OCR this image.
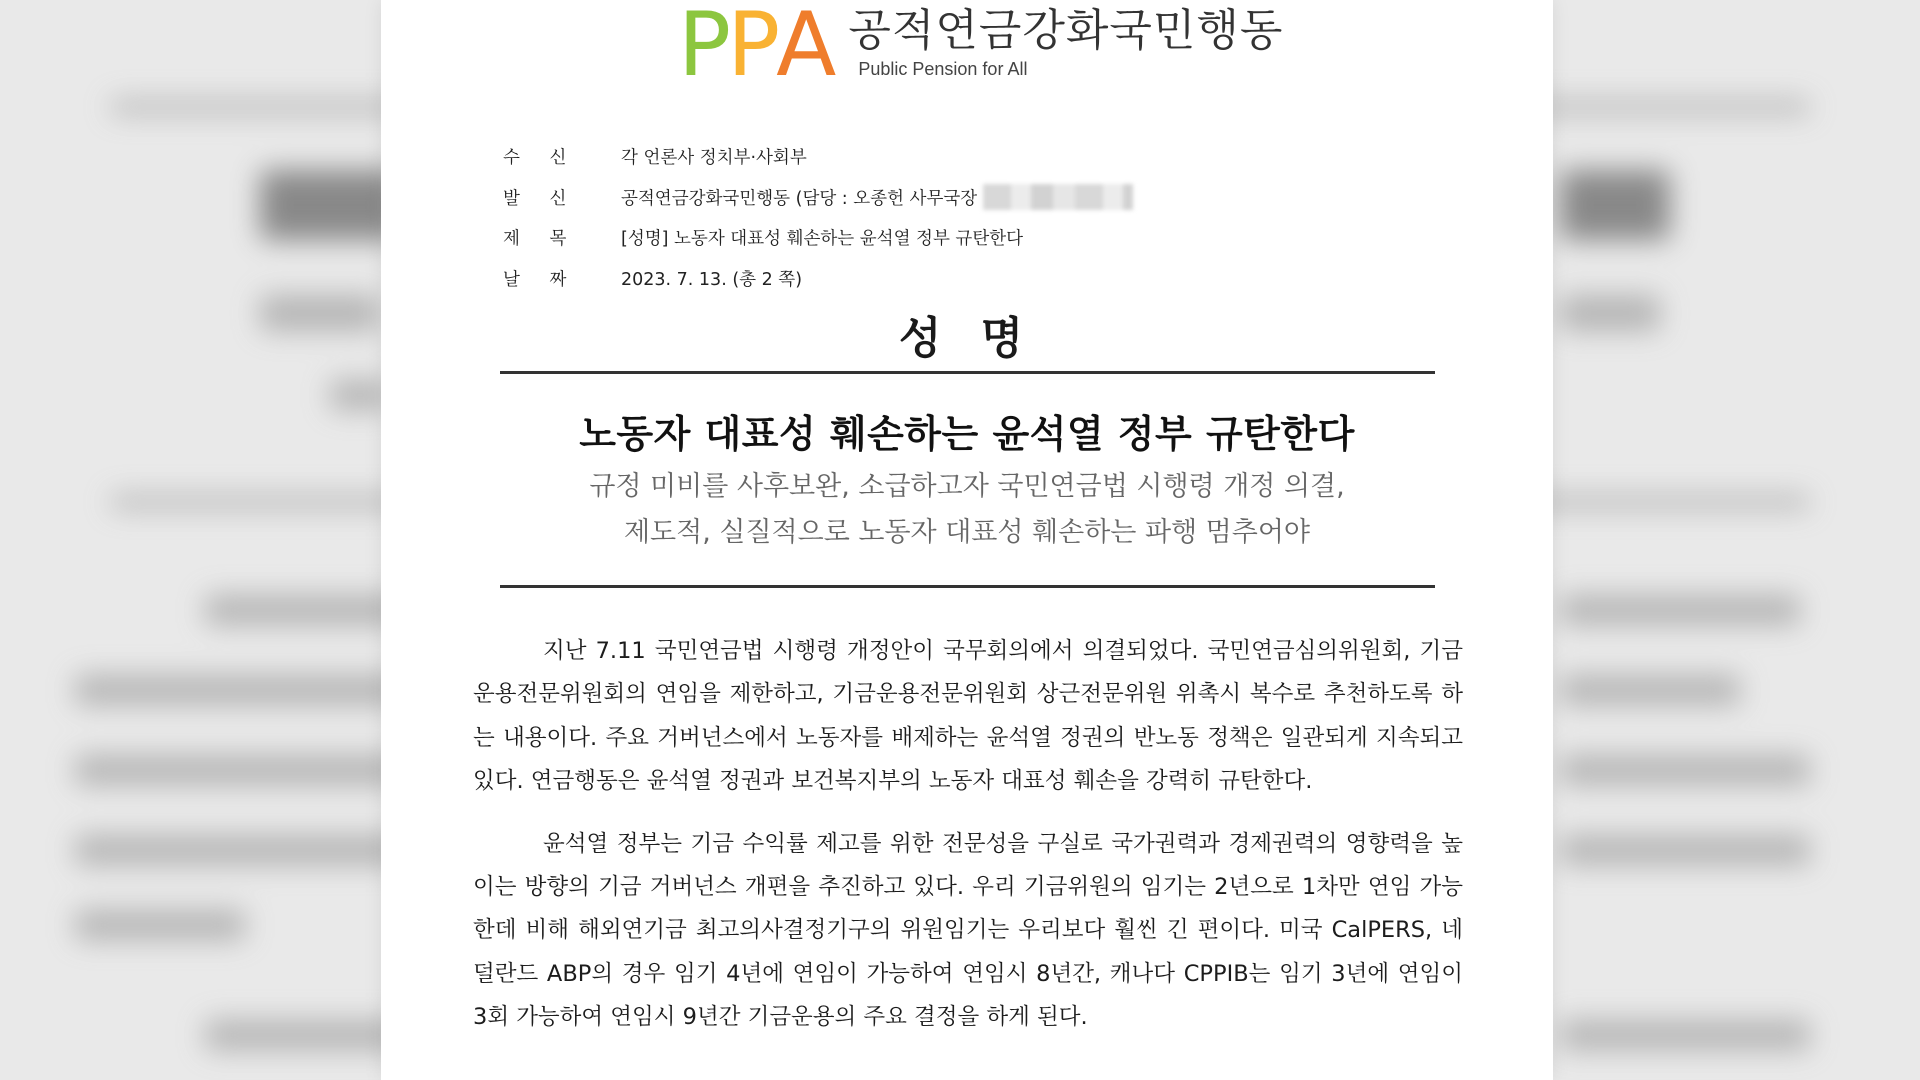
P P A 공적연금강화국민행동
Public Pension for All
수 신	각 언론사 정치부·사회부
발 신	공적연금강화국민행동 (담당 : 오종헌 사무국장
제 목	[성명] 노동자 대표성 훼손하는 윤석열 정부 규탄한다
날 짜	2023. 7. 13. (총 2 쪽)
성 명
노동자 대표성 훼손하는 윤석열 정부 규탄한다
규정 미비를 사후보완, 소급하고자 국민연금법 시행령 개정 의결,
제도적, 실질적으로 노동자 대표성 훼손하는 파행 멈추어야

지난 7.11 국민연금법 시행령 개정안이 국무회의에서 의결되었다. 국민연금심의위원회, 기금운용전문위원회의 연임을 제한하고, 기금운용전문위원회 상근전문위원 위촉시 복수로 추천하도록 하는 내용이다. 주요 거버넌스에서 노동자를 배제하는 윤석열 정권의 반노동 정책은 일관되게 지속되고 있다. 연금행동은 윤석열 정권과 보건복지부의 노동자 대표성 훼손을 강력히 규탄한다.

윤석열 정부는 기금 수익률 제고를 위한 전문성을 구실로 국가권력과 경제권력의 영향력을 높이는 방향의 기금 거버넌스 개편을 추진하고 있다. 우리 기금위원의 임기는 2년으로 1차만 연임 가능한데 비해 해외연기금 최고의사결정기구의 위원임기는 우리보다 훨씬 긴 편이다. 미국 CalPERS, 네덜란드 ABP의 경우 임기 4년에 연임이 가능하여 연임시 8년간, 캐나다 CPPIB는 임기 3년에 연임이 3회 가능하여 연임시 9년간 기금운용의 주요 결정을 하게 된다.
